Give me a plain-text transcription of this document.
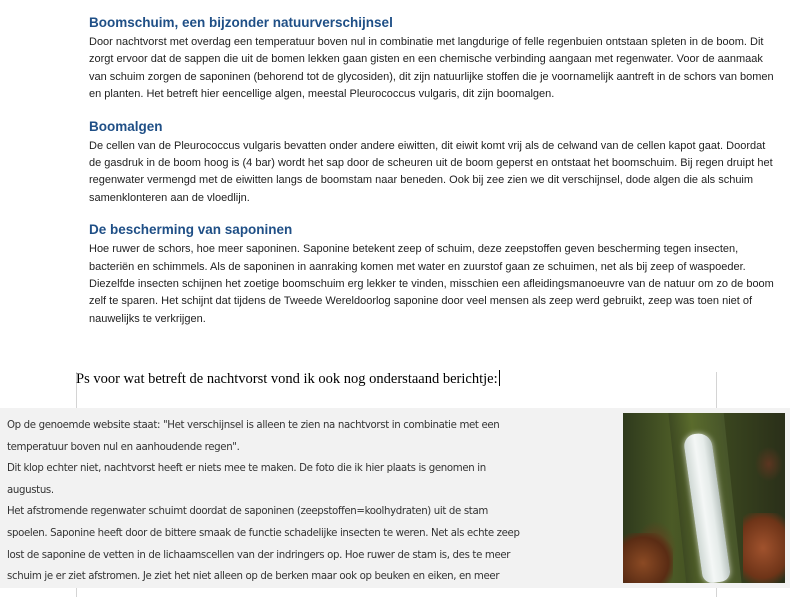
Boomschuim, een bijzonder natuurverschijnsel

Door nachtvorst met overdag een temperatuur boven nul in combinatie met langdurige of felle regenbuien ontstaan spleten in de boom. Dit zorgt ervoor dat de sappen die uit de bomen lekken gaan gisten en een chemische verbinding aangaan met regenwater. Voor de aanmaak van schuim zorgen de saponinen (behorend tot de glycosiden), dit zijn natuurlijke stoffen die je voornamelijk aantreft in de schors van bomen en planten. Het betreft hier eencellige algen, meestal Pleurococcus vulgaris, dit zijn boomalgen.

Boomalgen

De cellen van de Pleurococcus vulgaris bevatten onder andere eiwitten, dit eiwit komt vrij als de celwand van de cellen kapot gaat. Doordat de gasdruk in de boom hoog is (4 bar) wordt het sap door de scheuren uit de boom geperst en ontstaat het boomschuim. Bij regen druipt het regenwater vermengd met de eiwitten langs de boomstam naar beneden. Ook bij zee zien we dit verschijnsel, dode algen die als schuim samenklonteren aan de vloedlijn.

De bescherming van saponinen

Hoe ruwer de schors, hoe meer saponinen. Saponine betekent zeep of schuim, deze zeepstoffen geven bescherming tegen insecten, bacteriën en schimmels. Als de saponinen in aanraking komen met water en zuurstof gaan ze schuimen, net als bij zeep of waspoeder. Diezelfde insecten schijnen het zoetige boomschuim erg lekker te vinden, misschien een afleidingsmanoeuvre van de natuur om zo de boom zelf te sparen. Het schijnt dat tijdens de Tweede Wereldoorlog saponine door veel mensen als zeep werd gebruikt, zeep was toen niet of nauwelijks te verkrijgen.

Ps voor wat betreft de nachtvorst vond ik ook nog onderstaand berichtje:
Op de genoemde website staat: "Het verschijnsel is alleen te zien na nachtvorst in combinatie met een
temperatuur boven nul en aanhoudende regen".
Dit klop echter niet, nachtvorst heeft er niets mee te maken. De foto die ik hier plaats is genomen in
augustus.
Het afstromende regenwater schuimt doordat de saponinen (zeepstoffen=koolhydraten) uit de stam
spoelen. Saponine heeft door de bittere smaak de functie schadelijke insecten te weren. Net als echte zeep
lost de saponine de vetten in de lichaamscellen van der indringers op. Hoe ruwer de stam is, des te meer
schuim je er ziet afstromen. Je ziet het niet alleen op de berken maar ook op beuken en eiken, en meer
